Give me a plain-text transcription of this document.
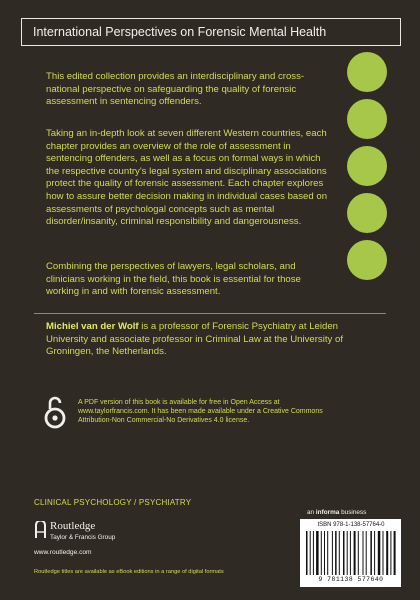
International Perspectives on Forensic Mental Health

This edited collection provides an interdisciplinary and cross-national perspective on safeguarding the quality of forensic assessment in sentencing offenders.

Taking an in-depth look at seven different Western countries, each chapter provides an overview of the role of assessment in sentencing offenders, as well as a focus on formal ways in which the respective country's legal system and disciplinary associations protect the quality of forensic assessment. Each chapter explores how to assure better decision making in individual cases based on assessments of psychologal concepts such as mental disorder/insanity, criminal responsibility and dangerousness.

Combining the perspectives of lawyers, legal scholars, and clinicians working in the field, this book is essential for those working in and with forensic assessment.

Michiel van der Wolf is a professor of Forensic Psychiatry at Leiden University and associate professor in Criminal Law at the University of Groningen, the Netherlands.

A PDF version of this book is available for free in Open Access at www.taylorfrancis.com. It has been made available under a Creative Commons Attribution-Non Commercial-No Derivatives 4.0 license.

CLINICAL PSYCHOLOGY / PSYCHIATRY
Routledge
Taylor & Francis Group
www.routledge.com
Routledge titles are available as eBook editions in a range of digital formats
an informa business
ISBN 978-1-138-57764-0
9 781138 577640
